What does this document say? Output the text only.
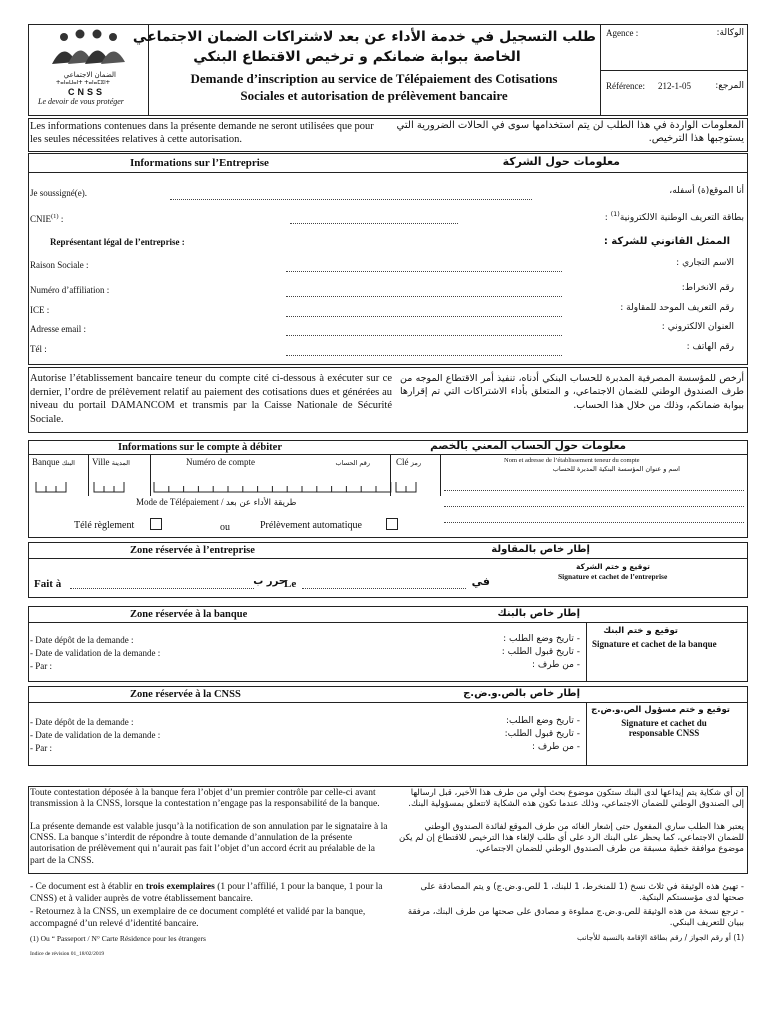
الضمان الاجتماعي
ⵜⴰⵏⴰⵡⴰⵏⵜ ⵜⴰⵏⴰⵎⵓⵏⵜ
CNSS
Le devoir de vous protéger
طلب التسجيل في خدمة الأداء عن بعد لاشتراكات الضمان الاجتماعي
الخاصة ببوابة ضمانكم و ترخيص الاقتطاع البنكي
Demande d’inscription au service de Télépaiement des Cotisations
Sociales et autorisation de prélèvement bancaire
Agence :	الوكالة:
Référence: 212-1-05	المرجع:
Les informations contenues dans la présente demande ne seront utilisées que pour les seules nécessitées relatives à cette autorisation.
المعلومات الواردة في هذا الطلب لن يتم استخدامها سوى في الحالات الضرورية التي يستوجبها هذا الترخيص.
Informations sur l’Entreprise	معلومات حول الشركة
Je soussigné(e).	أنا الموقع(ة) أسفله،
CNIE$^{(1)}$ :	بطاقة التعريف الوطنية الالكترونية$^{(1)}$ :
Représentant légal de l’entreprise :	الممثل القانوني للشركة :
Raison Sociale :	الاسم التجاري :
Numéro d’affiliation :	رقم الانخراط:
ICE :	رقم التعريف الموحد للمقاولة :
Adresse email :	العنوان الالكتروني :
Tél :	رقم الهاتف :
Autorise l’établissement bancaire teneur du compte cité ci-dessous à exécuter sur ce dernier, l’ordre de prélèvement relatif au paiement des cotisations dues et générées au niveau du portail DAMANCOM et transmis par la Caisse Nationale de Sécurité Sociale.
أرخص للمؤسسة المصرفية المدبرة للحساب البنكي أدناه، تنفيذ أمر الاقتطاع الموجه من طرف الصندوق الوطني للضمان الاجتماعي، و المتعلق بأداء الاشتراكات التي تم إقرارها ببوابة ضمانكم، وذلك من خلال هذا الحساب.
Informations sur le compte à débiter	معلومات حول الحساب المعني بالخصم
Banque البنك Ville المدينة	Numéro de compte	رقم الحساب	Clé رمز	Nom et adresse de l’établissement teneur du compte
اسم و عنوان المؤسسة البنكية المدبرة للحساب
Mode de Télépaiement / طريقة الأداء عن بعد
Télé règlement	ou	Prélèvement automatique
Zone réservée à l’entreprise	إطار خاص بالمقاولة
Fait à	حرر ب
Le	في
توقيع و ختم الشركة
Signature et cachet de l’entreprise
Zone réservée à la banque	إطار خاص بالبنك
- Date dépôt de la demande :	- تاريخ وضع الطلب :
- Date de validation de la demande :	- تاريخ قبول الطلب :
- Par :	- من طرف :
توقيع و ختم البنك
Signature et cachet de la banque
Zone réservée à la CNSS	إطار خاص بالص.و.ض.ج
- Date dépôt de la demande :	- تاريخ وضع الطلب:
- Date de validation de la demande :	- تاريخ قبول الطلب:
- Par :	- من طرف :
توقيع و ختم مسؤول الص.و.ض.ج
Signature et cachet du responsable CNSS
Toute contestation déposée à la banque fera l’objet d’un premier contrôle par celle-ci avant transmission à la CNSS, lorsque la contestation n’engage pas la responsabilité de la banque.
La présente demande est valable jusqu’à la notification de son annulation par le signataire à la CNSS. La banque s’interdit de répondre à toute demande d’annulation de la présente autorisation de prélèvement qui n’aurait pas fait l’objet d’un accord écrit au préalable de la part de la CNSS.
إن أي شكاية يتم إيداعها لدى البنك ستكون موضوع بحث أولي من طرف هذا الأخير، قبل ارسالها إلى الصندوق الوطني للضمان الاجتماعي، وذلك عندما تكون هذه الشكاية لاتتعلق بمسؤولية البنك.
يعتبر هذا الطلب ساري المفعول حتى إشعار الغائه من طرف الموقع لفائدة الصندوق الوطني للضمان الاجتماعي، كما يحظر على البنك الرد على أي طلب لإلغاء هذا الترخيص للاقتطاع إن لم يكن موضوع موافقة خطية مسبقة من طرف الصندوق الوطني للضمان الاجتماعي.
- Ce document est à établir en trois exemplaires (1 pour l’affilié, 1 pour la banque, 1 pour la CNSS) et à valider auprès de votre établissement bancaire.
- Retournez à la CNSS, un exemplaire de ce document complété et validé par la banque, accompagné d’un relevé d’identité bancaire.
- تهيئ هذه الوثيقة في ثلاث نسخ (1 للمنخرط، 1 للبنك، 1 للص.و.ض.ج) و يتم المصادقة على صحتها لدى مؤسستكم البنكية.
- ترجع نسخة من هذه الوثيقة للص.و.ض.ج مملوءة و مصادق على صحتها من طرف البنك، مرفقة ببيان للتعريف البنكي.
(1) Ou “ Passeport / N° Carte Résidence pour les étrangers	(1) أو رقم الجواز / رقم بطاقة الإقامة بالنسبة للأجانب
Indice de révision 01_18/02/2019
